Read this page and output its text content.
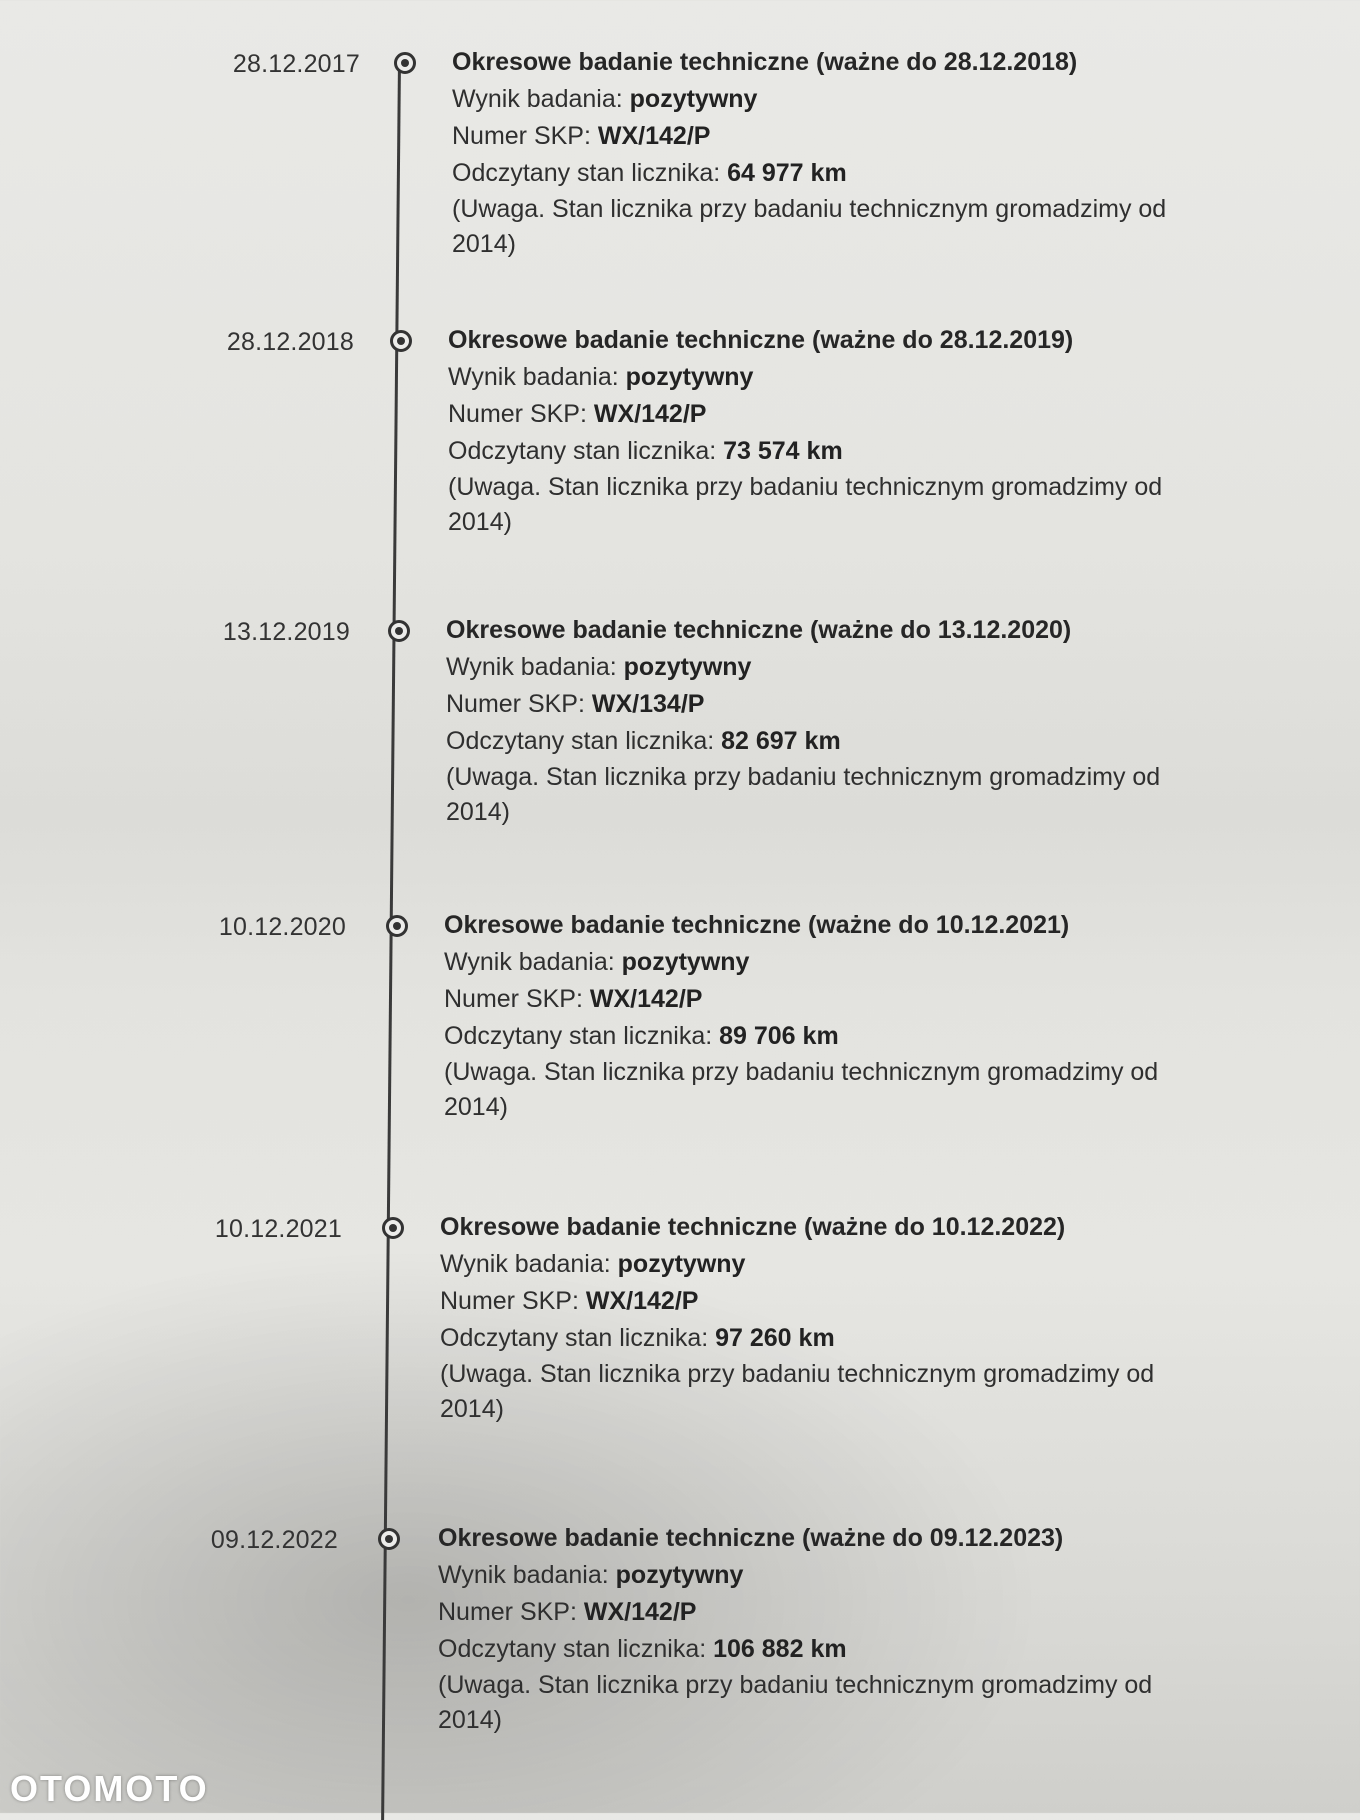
28.12.2017	Okresowe badanie techniczne (ważne do 28.12.2018)
Wynik badania: pozytywny
Numer SKP: WX/142/P
Odczytany stan licznika: 64 977 km
(Uwaga. Stan licznika przy badaniu technicznym gromadzimy od 2014)
28.12.2018	Okresowe badanie techniczne (ważne do 28.12.2019)
Wynik badania: pozytywny
Numer SKP: WX/142/P
Odczytany stan licznika: 73 574 km
(Uwaga. Stan licznika przy badaniu technicznym gromadzimy od 2014)
13.12.2019	Okresowe badanie techniczne (ważne do 13.12.2020)
Wynik badania: pozytywny
Numer SKP: WX/134/P
Odczytany stan licznika: 82 697 km
(Uwaga. Stan licznika przy badaniu technicznym gromadzimy od 2014)
10.12.2020	Okresowe badanie techniczne (ważne do 10.12.2021)
Wynik badania: pozytywny
Numer SKP: WX/142/P
Odczytany stan licznika: 89 706 km
(Uwaga. Stan licznika przy badaniu technicznym gromadzimy od 2014)
10.12.2021	Okresowe badanie techniczne (ważne do 10.12.2022)
Wynik badania: pozytywny
Numer SKP: WX/142/P
Odczytany stan licznika: 97 260 km
(Uwaga. Stan licznika przy badaniu technicznym gromadzimy od 2014)
09.12.2022	Okresowe badanie techniczne (ważne do 09.12.2023)
Wynik badania: pozytywny
Numer SKP: WX/142/P
Odczytany stan licznika: 106 882 km
(Uwaga. Stan licznika przy badaniu technicznym gromadzimy od 2014)
OTOMOTO
